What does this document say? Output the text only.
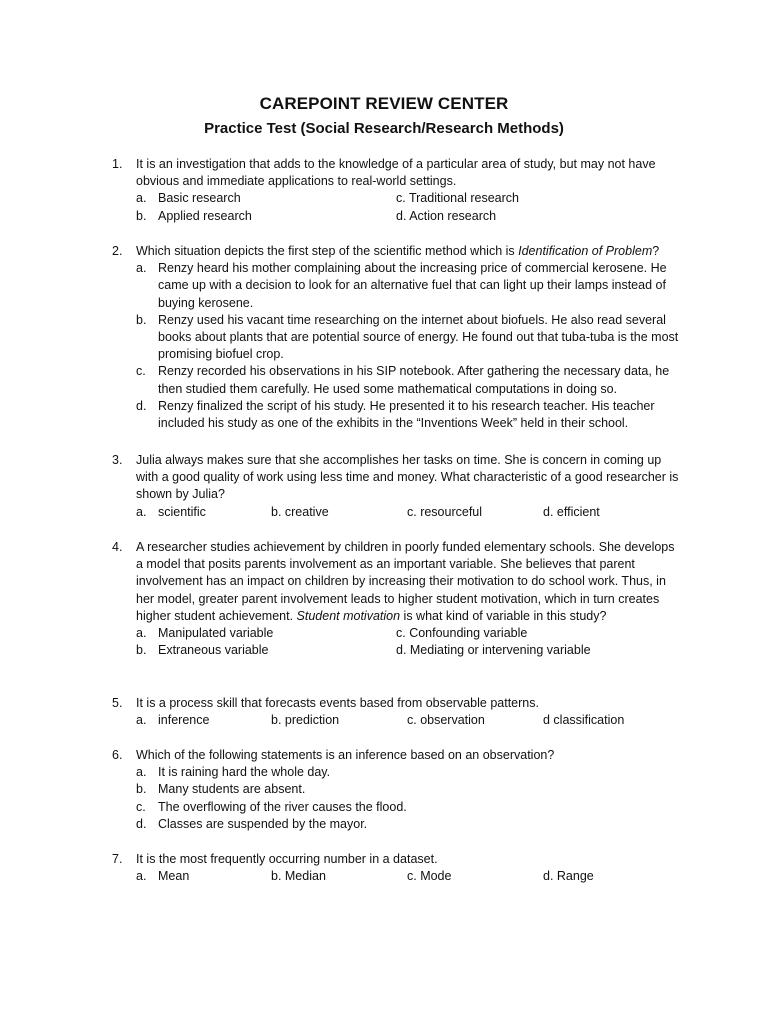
CAREPOINT REVIEW CENTER
Practice Test (Social Research/Research Methods)
1.	It is an investigation that adds to the knowledge of a particular area of study, but may not have obvious and immediate applications to real-world settings.
a. Basic research	c. Traditional research
b. Applied research	d. Action research
2.	Which situation depicts the first step of the scientific method which is Identification of Problem?
a. Renzy heard his mother complaining about the increasing price of commercial kerosene. He came up with a decision to look for an alternative fuel that can light up their lamps instead of buying kerosene.
b. Renzy used his vacant time researching on the internet about biofuels. He also read several books about plants that are potential source of energy. He found out that tuba-tuba is the most promising biofuel crop.
c. Renzy recorded his observations in his SIP notebook. After gathering the necessary data, he then studied them carefully. He used some mathematical computations in doing so.
d. Renzy finalized the script of his study. He presented it to his research teacher. His teacher included his study as one of the exhibits in the “Inventions Week” held in their school.
3.	Julia always makes sure that she accomplishes her tasks on time. She is concern in coming up with a good quality of work using less time and money. What characteristic of a good researcher is shown by Julia?
a. scientific	b. creative	c. resourceful	d. efficient
4.	A researcher studies achievement by children in poorly funded elementary schools. She develops a model that posits parents involvement as an important variable. She believes that parent involvement has an impact on children by increasing their motivation to do school work. Thus, in her model, greater parent involvement leads to higher student motivation, which in turn creates higher student achievement. Student motivation is what kind of variable in this study?
a. Manipulated variable	c. Confounding variable
b. Extraneous variable	d. Mediating or intervening variable
5.	It is a process skill that forecasts events based from observable patterns.
a. inference	b. prediction	c. observation	d classification
6.	Which of the following statements is an inference based on an observation?
a. It is raining hard the whole day.
b. Many students are absent.
c. The overflowing of the river causes the flood.
d. Classes are suspended by the mayor.
7.	It is the most frequently occurring number in a dataset.
a. Mean	b. Median	c. Mode	d. Range
